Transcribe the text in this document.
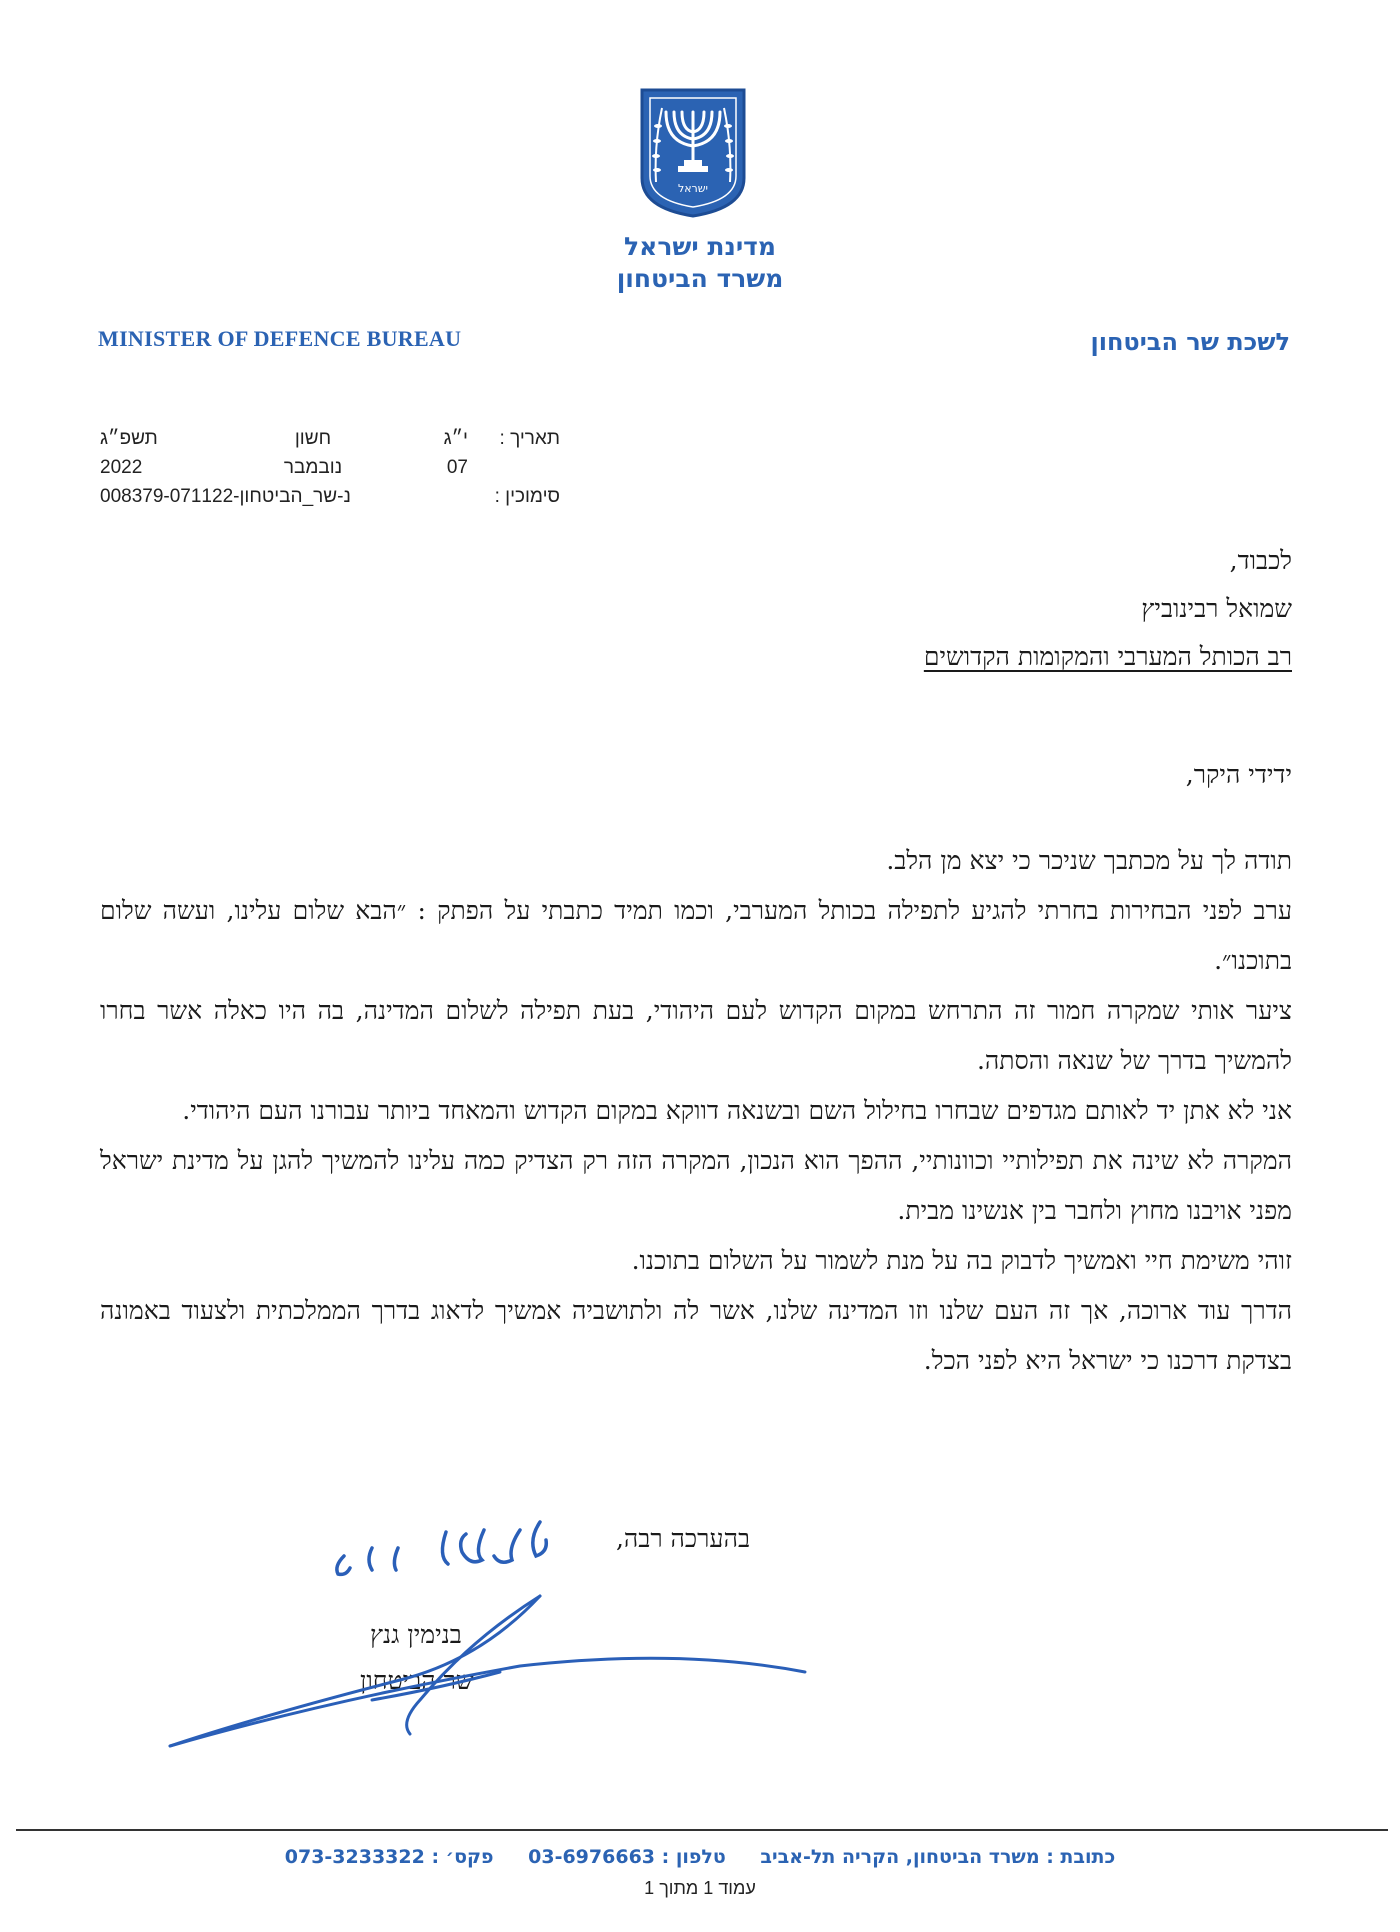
ישראל
מדינת ישראל
משרד הביטחון
לשכת שר הביטחון
MINISTER OF DEFENCE BUREAU
תאריך :
י״ג
חשון
תשפ״ג
07
נובמבר
2022
סימוכין :
נ-שר_הביטחון-008379-071122
לכבוד,
שמואל רבינוביץ
רב הכותל המערבי והמקומות הקדושים
ידידי היקר,

תודה לך על מכתבך שניכר כי יצא מן הלב.

ערב לפני הבחירות בחרתי להגיע לתפילה בכותל המערבי, וכמו תמיד כתבתי על הפתק : ״הבא שלום עלינו, ועשה שלום בתוכנו״.

ציער אותי שמקרה חמור זה התרחש במקום הקדוש לעם היהודי, בעת תפילה לשלום המדינה, בה היו כאלה אשר בחרו להמשיך בדרך של שנאה והסתה.

אני לא אתן יד לאותם מגדפים שבחרו בחילול השם ובשנאה דווקא במקום הקדוש והמאחד ביותר עבורנו העם היהודי.

המקרה לא שינה את תפילותיי וכוונותיי, ההפך הוא הנכון, המקרה הזה רק הצדיק כמה עלינו להמשיך להגן על מדינת ישראל מפני אויבנו מחוץ ולחבר בין אנשינו מבית.

זוהי משימת חיי ואמשיך לדבוק בה על מנת לשמור על השלום בתוכנו.

הדרך עוד ארוכה, אך זה העם שלנו וזו המדינה שלנו, אשר לה ולתושביה אמשיך לדאוג בדרך הממלכתית ולצעוד באמונה בצדקת דרכנו כי ישראל היא לפני הכל.

בהערכה רבה,
בנימין גנץ
שר הביטחון
כתובת : משרד הביטחון, הקריה תל-אביב טלפון : 03-6976663 פקס׳ : 073-3233322
עמוד 1 מתוך 1
